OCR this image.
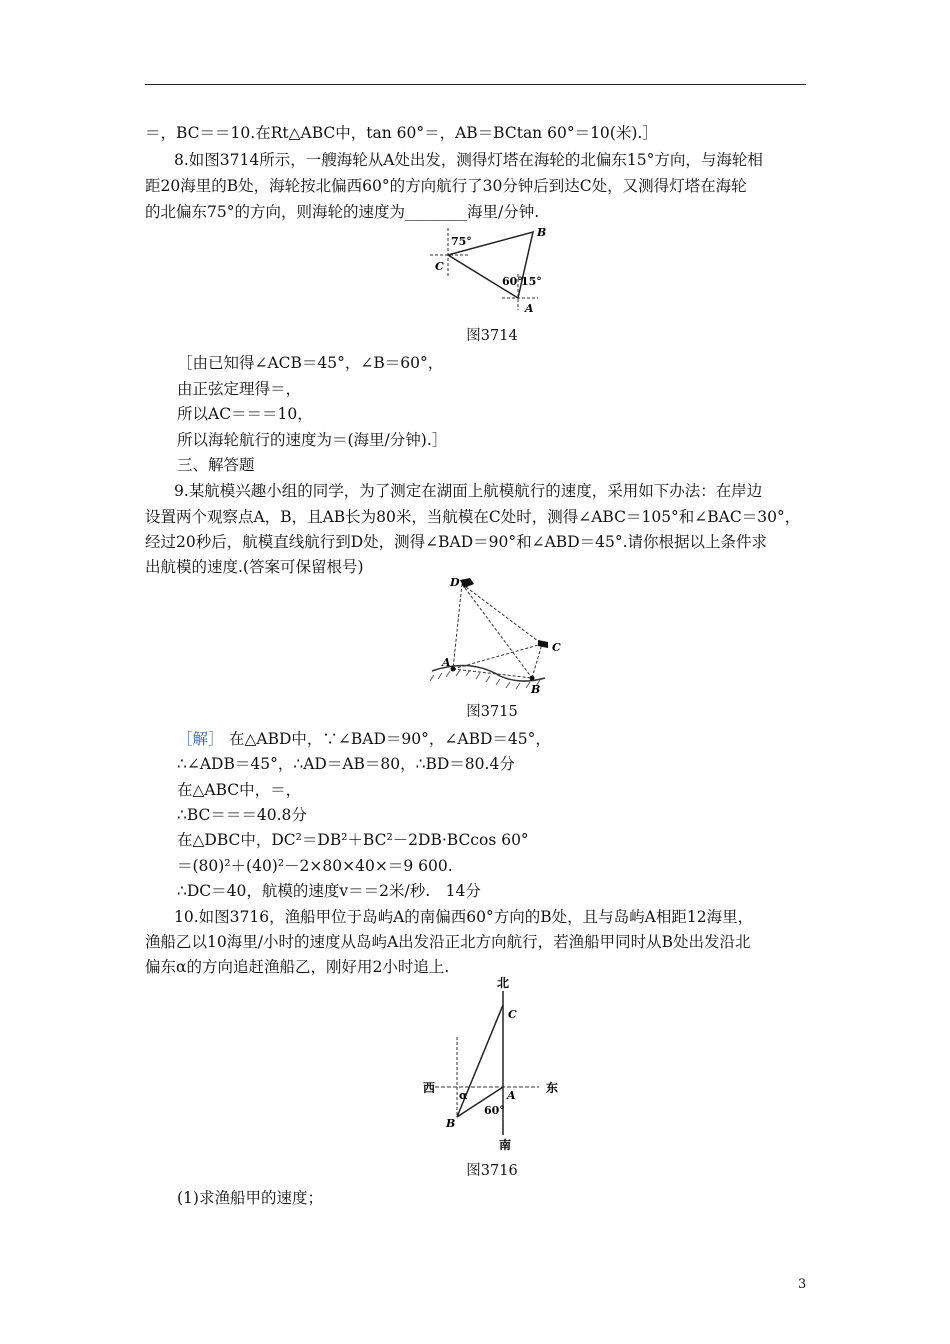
＝，BC＝＝10.在Rt△ABC中，tan 60°＝，AB＝BCtan 60°＝10(米).］
8.如图3714所示，一艘海轮从A处出发，测得灯塔在海轮的北偏东15°方向，与海轮相
距20海里的B处，海轮按北偏西60°的方向航行了30分钟后到达C处，又测得灯塔在海轮
的北偏东75°的方向，则海轮的速度为________海里/分钟.
75°
B
C
60°
15°
A
图3714
［由已知得∠ACB＝45°，∠B＝60°，
由正弦定理得＝，
所以AC＝＝＝10，
所以海轮航行的速度为＝(海里/分钟).］
三、解答题
9.某航模兴趣小组的同学，为了测定在湖面上航模航行的速度，采用如下办法：在岸边
设置两个观察点A，B，且AB长为80米，当航模在C处时，测得∠ABC＝105°和∠BAC＝30°，
经过20秒后，航模直线航行到D处，测得∠BAD＝90°和∠ABD＝45°.请你根据以上条件求
出航模的速度.(答案可保留根号)
D
C
A
B
图3715
［解］ 在△ABD中，∵∠BAD＝90°，∠ABD＝45°，
∴∠ADB＝45°，∴AD＝AB＝80，∴BD＝80.4分
在△ABC中，＝，
∴BC＝＝＝40.8分
在△DBC中，DC²＝DB²＋BC²－2DB·BCcos 60°
＝(80)²＋(40)²－2×80×40×＝9 600.
∴DC＝40，航模的速度v＝＝2米/秒.　14分
10.如图3716，渔船甲位于岛屿A的南偏西60°方向的B处，且与岛屿A相距12海里，
渔船乙以10海里/小时的速度从岛屿A出发沿正北方向航行，若渔船甲同时从B处出发沿北
偏东α的方向追赶渔船乙，刚好用2小时追上.
北
C
西	东
α	A
60°
B
南
图3716
(1)求渔船甲的速度；
3
